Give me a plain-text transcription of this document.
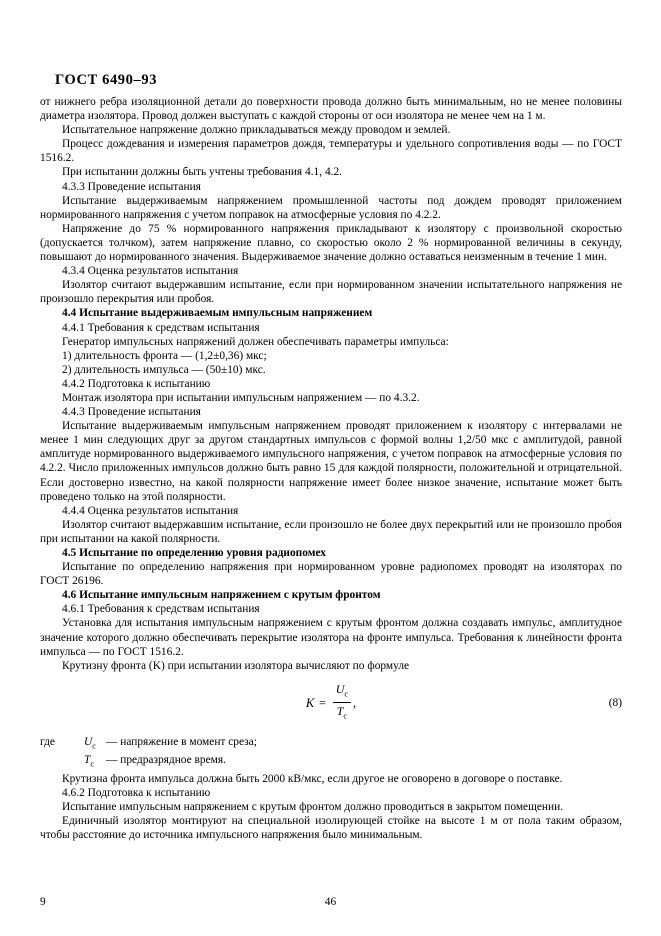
ГОСТ 6490–93

от нижнего ребра изоляционной детали до поверхности провода должно быть минимальным, но не менее половины диаметра изолятора. Провод должен выступать с каждой стороны от оси изолятора не менее чем на 1 м.

Испытательное напряжение должно прикладываться между проводом и землей.

Процесс дождевания и измерения параметров дождя, температуры и удельного сопротивления воды — по ГОСТ 1516.2.

При испытании должны быть учтены требования 4.1, 4.2.

4.3.3 Проведение испытания

Испытание выдерживаемым напряжением промышленной частоты под дождем проводят приложением нормированного напряжения с учетом поправок на атмосферные условия по 4.2.2.

Напряжение до 75 % нормированного напряжения прикладывают к изолятору с произвольной скоростью (допускается толчком), затем напряжение плавно, со скоростью около 2 % нормированной величины в секунду, повышают до нормированного значения. Выдерживаемое значение должно оставаться неизменным в течение 1 мин.

4.3.4 Оценка результатов испытания

Изолятор считают выдержавшим испытание, если при нормированном значении испытательного напряжения не произошло перекрытия или пробоя.

4.4 Испытание выдерживаемым импульсным напряжением

4.4.1 Требования к средствам испытания

Генератор импульсных напряжений должен обеспечивать параметры импульса:

1) длительность фронта — (1,2±0,36) мкс;

2) длительность импульса — (50±10) мкс.

4.4.2 Подготовка к испытанию

Монтаж изолятора при испытании импульсным напряжением — по 4.3.2.

4.4.3 Проведение испытания

Испытание выдерживаемым импульсным напряжением проводят приложением к изолятору с интервалами не менее 1 мин следующих друг за другом стандартных импульсов с формой волны 1,2/50 мкс с амплитудой, равной амплитуде нормированного выдерживаемого импульсного напряжения, с учетом поправок на атмосферные условия по 4.2.2. Число приложенных импульсов должно быть равно 15 для каждой полярности, положительной и отрицательной. Если достоверно известно, на какой полярности напряжение имеет более низкое значение, испытание может быть проведено только на этой полярности.

4.4.4 Оценка результатов испытания

Изолятор считают выдержавшим испытание, если произошло не более двух перекрытий или не произошло пробоя при испытании на какой полярности.

4.5 Испытание по определению уровня радиопомех

Испытание по определению напряжения при нормированном уровне радиопомех проводят на изоляторах по ГОСТ 26196.

4.6 Испытание импульсным напряжением с крутым фронтом

4.6.1 Требования к средствам испытания

Установка для испытания импульсным напряжением с крутым фронтом должна создавать импульс, амплитудное значение которого должно обеспечивать перекрытие изолятора на фронте импульса. Требования к линейности фронта импульса — по ГОСТ 1516.2.

Крутизну фронта (K) при испытании изолятора вычисляют по формуле

$K = \frac{U_с}{T_с}$ ,	(8)
где	$U_с$ — напряжение в момент среза;
$T_с$	— предразрядное время.

Крутизна фронта импульса должна быть 2000 кВ/мкс, если другое не оговорено в договоре о поставке.

4.6.2 Подготовка к испытанию

Испытание импульсным напряжением с крутым фронтом должно проводиться в закрытом помещении.

Единичный изолятор монтируют на специальной изолирующей стойке на высоте 1 м от пола таким образом, чтобы расстояние до источника импульсного напряжения было минимальным.

9	46
